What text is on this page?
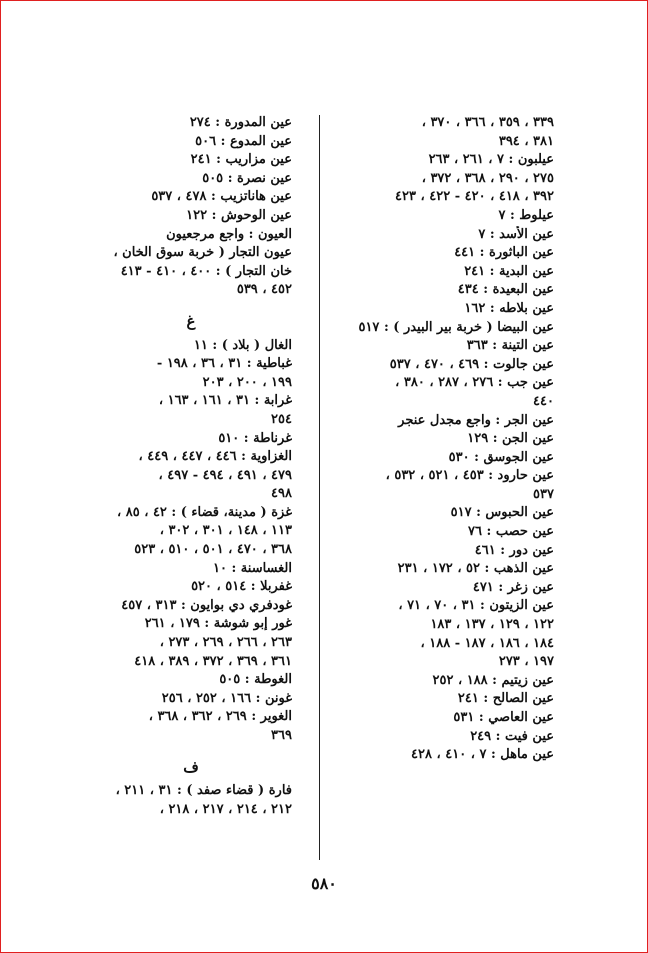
٣٣٩ ، ٣٥٩ ، ٣٦٦ ، ٣٧٠ ،
٣٨١ ، ٣٩٤
عيلبون : ٧ ، ٢٦١ ، ٢٦٣
٢٧٥ ، ٢٩٠ ، ٣٦٨ ، ٣٧٢ ،
٣٩٢ ، ٤١٨ ، ٤٢٠ - ٤٢٢ ، ٤٢٣
عيلوط : ٧
عين الأسد : ٧
عين الباثورة : ٤٤١
عين البدية : ٢٤١
عين البعيدة : ٤٣٤
عين بلاطه : ١٦٢
عين البيضا ( خربة بير البيدر ) : ٥١٧
عين التينة : ٣٦٣
عين جالوت : ٤٦٩ ، ٤٧٠ ، ٥٣٧
عين جب : ٢٧٦ ، ٢٨٧ ، ٣٨٠ ،
٤٤٠
عين الجر : واجع مجدل عنجر
عين الجن : ١٢٩
عين الجوسق : ٥٣٠
عين حارود : ٤٥٣ ، ٥٢١ ، ٥٣٢ ،
٥٣٧
عين الحبوس : ٥١٧
عين حصب : ٧٦
عين دور : ٤٦١
عين الذهب : ٥٢ ، ١٧٢ ، ٢٣١
عين زغر : ٤٧١
عين الزيتون : ٣١ ، ٧٠ ، ٧١ ،
١٢٢ ، ١٢٩ ، ١٣٧ ، ١٨٣
١٨٤ ، ١٨٦ ، ١٨٧ - ١٨٨ ،
١٩٧ ، ٢٧٣
عين زيتيم : ١٨٨ ، ٢٥٢
عين الصالح : ٢٤١
عين العاصي : ٥٣١
عين فيت : ٢٤٩
عين ماهل : ٧ ، ٤١٠ ، ٤٢٨
عين المدورة : ٢٧٤
عين المدوع : ٥٠٦
عين مزاريب : ٢٤١
عين نصرة : ٥٠٥
عين هاناتزيب : ٤٧٨ ، ٥٣٧
عين الوحوش : ١٢٢
العيون : واجع مرجعيون
عيون التجار ( خربة سوق الخان ،
خان التجار ) : ٤٠٠ ، ٤١٠ - ٤١٣
٤٥٢ ، ٥٣٩
غ
الغال ( بلاد ) : ١١
غباطية : ٣١ ، ٣٦ ، ١٩٨ -
١٩٩ ، ٢٠٠ ، ٢٠٣
غرابة : ٣١ ، ١٦١ ، ١٦٣ ،
٢٥٤
غرناطة : ٥١٠
الغزاوية : ٤٤٦ ، ٤٤٧ ، ٤٤٩ ،
٤٧٩ ، ٤٩١ ، ٤٩٤ - ٤٩٧ ،
٤٩٨
غزة ( مدينة، قضاء ) : ٤٢ ، ٨٥ ،
١١٣ ، ١٤٨ ، ٣٠١ ، ٣٠٢ ،
٣٦٨ ، ٤٧٠ ، ٥٠١ ، ٥١٠ ، ٥٢٣
الغساسنة : ١٠
غفربلا : ٥١٤ ، ٥٢٠
غودفري دي بوايون : ٣١٣ ، ٤٥٧
غور إبو شوشة : ١٧٩ ، ٢٦١
٢٦٣ ، ٢٦٦ ، ٢٦٩ ، ٢٧٣ ،
٣٦١ ، ٣٦٩ ، ٣٧٢ ، ٣٨٩ ، ٤١٨
الغوطة : ٥٠٥
غونن : ١٦٦ ، ٢٥٢ ، ٢٥٦
الغوير : ٢٦٩ ، ٣٦٢ ، ٣٦٨ ،
٣٦٩
ف
فارة ( قضاء صفد ) : ٣١ ، ٢١١ ،
٢١٢ ، ٢١٤ ، ٢١٧ ، ٢١٨ ،
٥٨٠
